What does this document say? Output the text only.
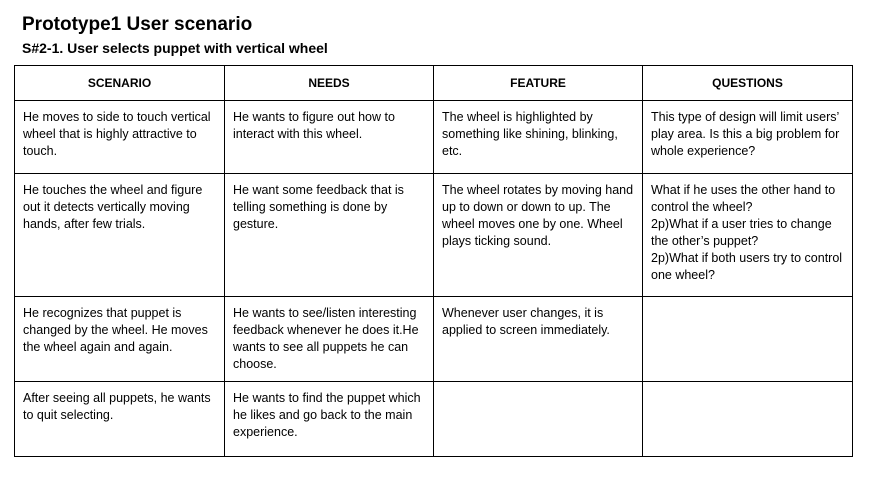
Prototype1 User scenario
S#2-1. User selects puppet with vertical wheel
SCENARIO	NEEDS	FEATURE	QUESTIONS

He moves to side to touch vertical wheel that is highly attractive to touch.	He wants to figure out how to interact with this wheel.	The wheel is highlighted by something like shining, blinking, etc.	This type of design will limit users’ play area. Is this a big problem for whole experience?

He touches the wheel and figure out it detects vertically moving hands, after few trials.	He want some feedback that is telling something is done by gesture.	The wheel rotates by moving hand up to down or down to up. The wheel moves one by one. Wheel plays ticking sound.	What if he uses the other hand to control the wheel?
2p)What if a user tries to change the other’s puppet?
2p)What if both users try to control one wheel?

He recognizes that puppet is changed by the wheel. He moves the wheel again and again.	He wants to see/listen interesting feedback whenever he does it.He wants to see all puppets he can choose.	Whenever user changes, it is applied to screen immediately.	

After seeing all puppets, he wants to quit selecting.	He wants to find the puppet which he likes and go back to the main experience.		
